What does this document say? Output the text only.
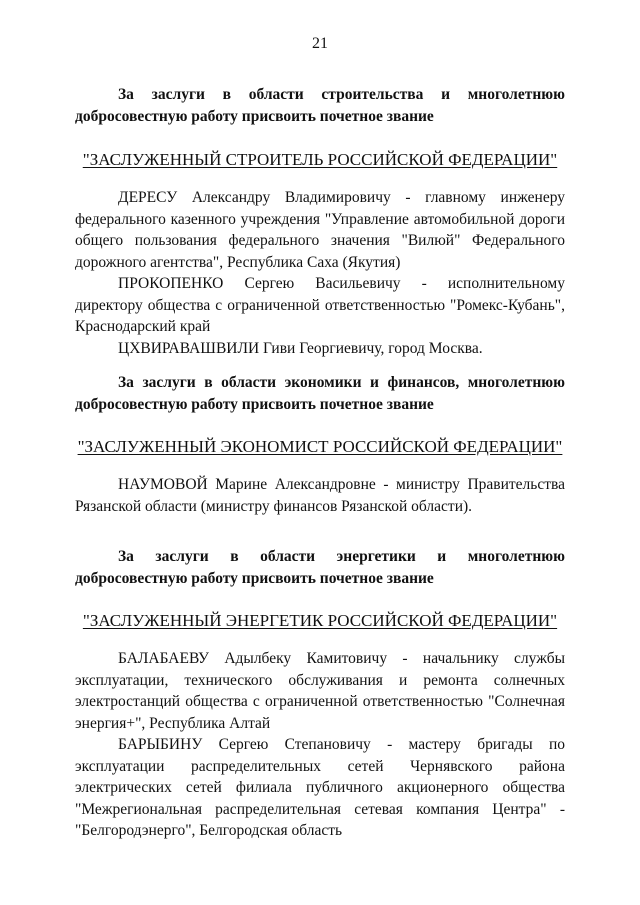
21
За заслуги в области строительства и многолетнюю добросовестную работу присвоить почетное звание
"ЗАСЛУЖЕННЫЙ СТРОИТЕЛЬ РОССИЙСКОЙ ФЕДЕРАЦИИ"
ДЕРЕСУ Александру Владимировичу - главному инженеру федерального казенного учреждения "Управление автомобильной дороги общего пользования федерального значения "Вилюй" Федерального дорожного агентства", Республика Саха (Якутия)
ПРОКОПЕНКО Сергею Васильевичу - исполнительному директору общества с ограниченной ответственностью "Ромекс-Кубань", Краснодарский край
ЦХВИРАВАШВИЛИ Гиви Георгиевичу, город Москва.
За заслуги в области экономики и финансов, многолетнюю добросовестную работу присвоить почетное звание
"ЗАСЛУЖЕННЫЙ ЭКОНОМИСТ РОССИЙСКОЙ ФЕДЕРАЦИИ"
НАУМОВОЙ Марине Александровне - министру Правительства Рязанской области (министру финансов Рязанской области).
За заслуги в области энергетики и многолетнюю добросовестную работу присвоить почетное звание
"ЗАСЛУЖЕННЫЙ ЭНЕРГЕТИК РОССИЙСКОЙ ФЕДЕРАЦИИ"
БАЛАБАЕВУ Адылбеку Камитовичу - начальнику службы эксплуатации, технического обслуживания и ремонта солнечных электростанций общества с ограниченной ответственностью "Солнечная энергия+", Республика Алтай
БАРЫБИНУ Сергею Степановичу - мастеру бригады по эксплуатации распределительных сетей Чернявского района электрических сетей филиала публичного акционерного общества "Межрегиональная распределительная сетевая компания Центра" - "Белгородэнерго", Белгородская область
